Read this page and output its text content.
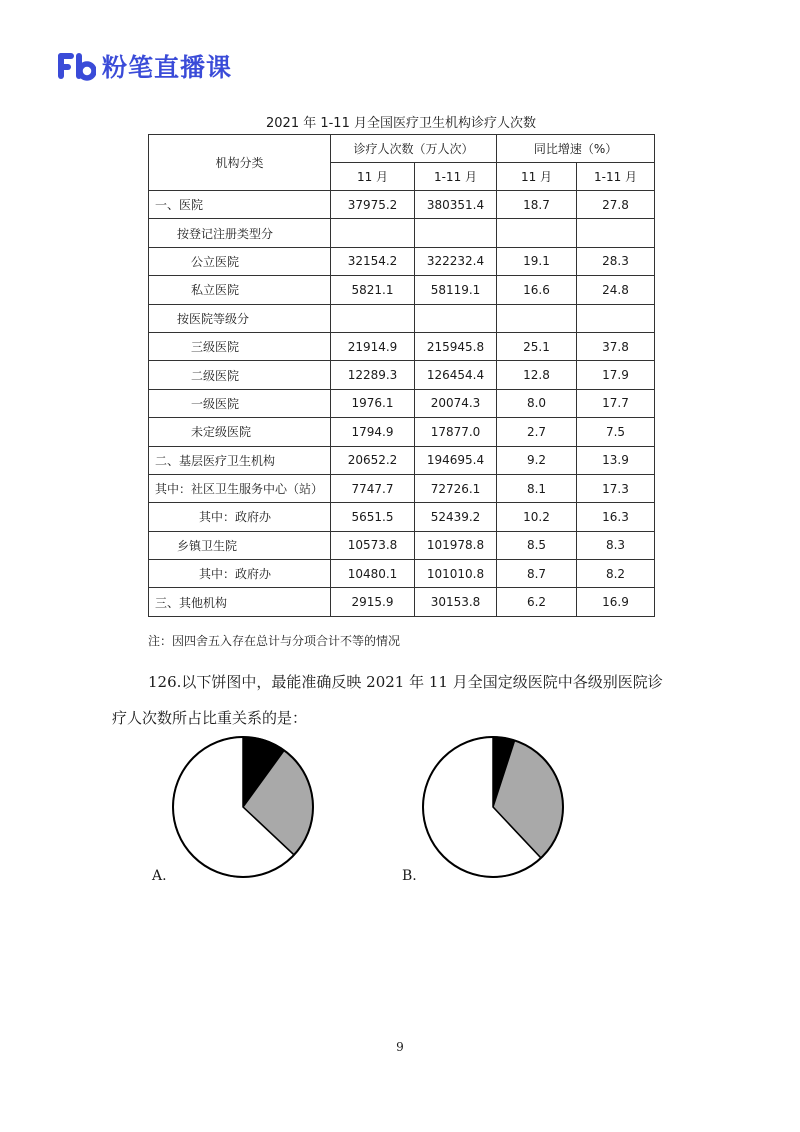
粉笔直播课
2021 年 1-11 月全国医疗卫生机构诊疗人次数
机构分类	诊疗人次数（万人次）		同比增速（%）	
	11 月	1-11 月	11 月	1-11 月
一、医院	37975.2	380351.4	18.7	27.8
按登记注册类型分				
公立医院	32154.2	322232.4	19.1	28.3
私立医院	5821.1	58119.1	16.6	24.8
按医院等级分				
三级医院	21914.9	215945.8	25.1	37.8
二级医院	12289.3	126454.4	12.8	17.9
一级医院	1976.1	20074.3	8.0	17.7
未定级医院	1794.9	17877.0	2.7	7.5
二、基层医疗卫生机构	20652.2	194695.4	9.2	13.9
其中：社区卫生服务中心（站）	7747.7	72726.1	8.1	17.3
其中：政府办	5651.5	52439.2	10.2	16.3
乡镇卫生院	10573.8	101978.8	8.5	8.3
其中：政府办	10480.1	101010.8	8.7	8.2
三、其他机构	2915.9	30153.8	6.2	16.9
注：因四舍五入存在总计与分项合计不等的情况
126.以下饼图中，最能准确反映 2021 年 11 月全国定级医院中各级别医院诊
疗人次数所占比重关系的是：
A.	B.
9
